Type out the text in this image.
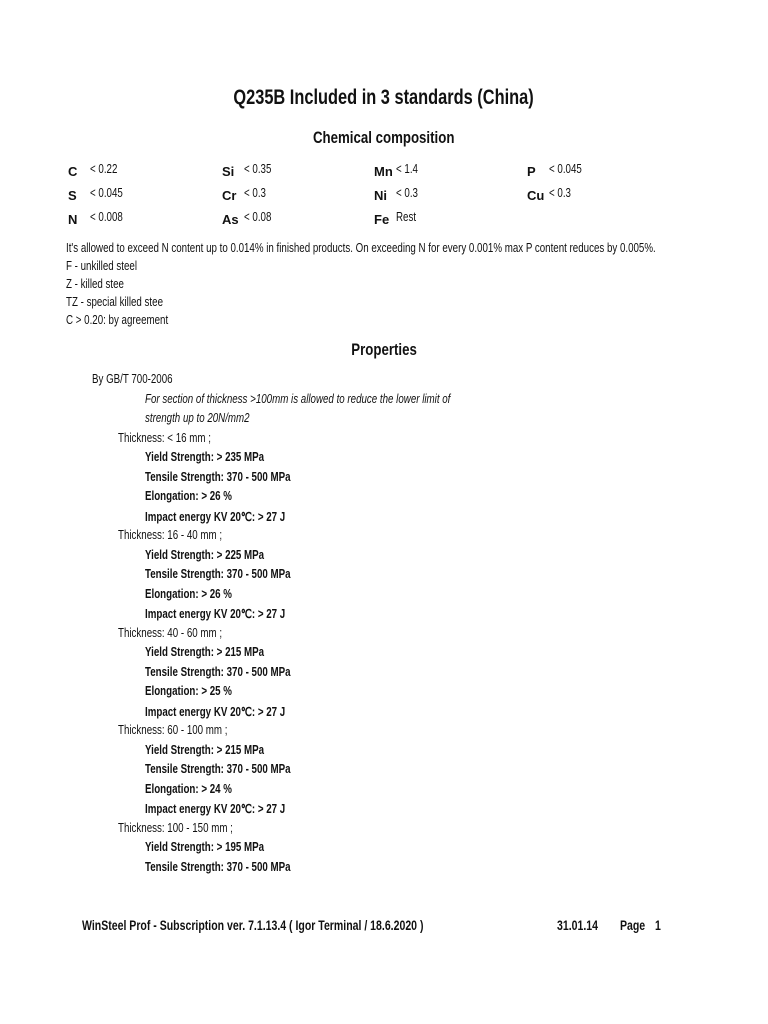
Q235B Included in 3 standards (China)
Chemical composition
C < 0.22	Si < 0.35	Mn < 1.4	P < 0.045
S < 0.045	Cr < 0.3	Ni < 0.3	Cu < 0.3
N < 0.008	As < 0.08	Fe Rest
It's allowed to exceed N content up to 0.014% in finished products. On exceeding N for every 0.001% max P content reduces by 0.005%.
F - unkilled steel
Z - killed stee
TZ - special killed stee
C > 0.20: by agreement
Properties
By GB/T 700-2006
For section of thickness >100mm is allowed to reduce the lower limit of
strength up to 20N/mm2
Thickness: < 16 mm ;
Yield Strength: > 235 MPa
Tensile Strength: 370 - 500 MPa
Elongation: > 26 %
Impact energy KV 20℃: > 27 J
Thickness: 16 - 40 mm ;
Yield Strength: > 225 MPa
Tensile Strength: 370 - 500 MPa
Elongation: > 26 %
Impact energy KV 20℃: > 27 J
Thickness: 40 - 60 mm ;
Yield Strength: > 215 MPa
Tensile Strength: 370 - 500 MPa
Elongation: > 25 %
Impact energy KV 20℃: > 27 J
Thickness: 60 - 100 mm ;
Yield Strength: > 215 MPa
Tensile Strength: 370 - 500 MPa
Elongation: > 24 %
Impact energy KV 20℃: > 27 J
Thickness: 100 - 150 mm ;
Yield Strength: > 195 MPa
Tensile Strength: 370 - 500 MPa
WinSteel Prof - Subscription ver. 7.1.13.4 ( Igor Terminal / 18.6.2020 )	31.01.14 Page 1
